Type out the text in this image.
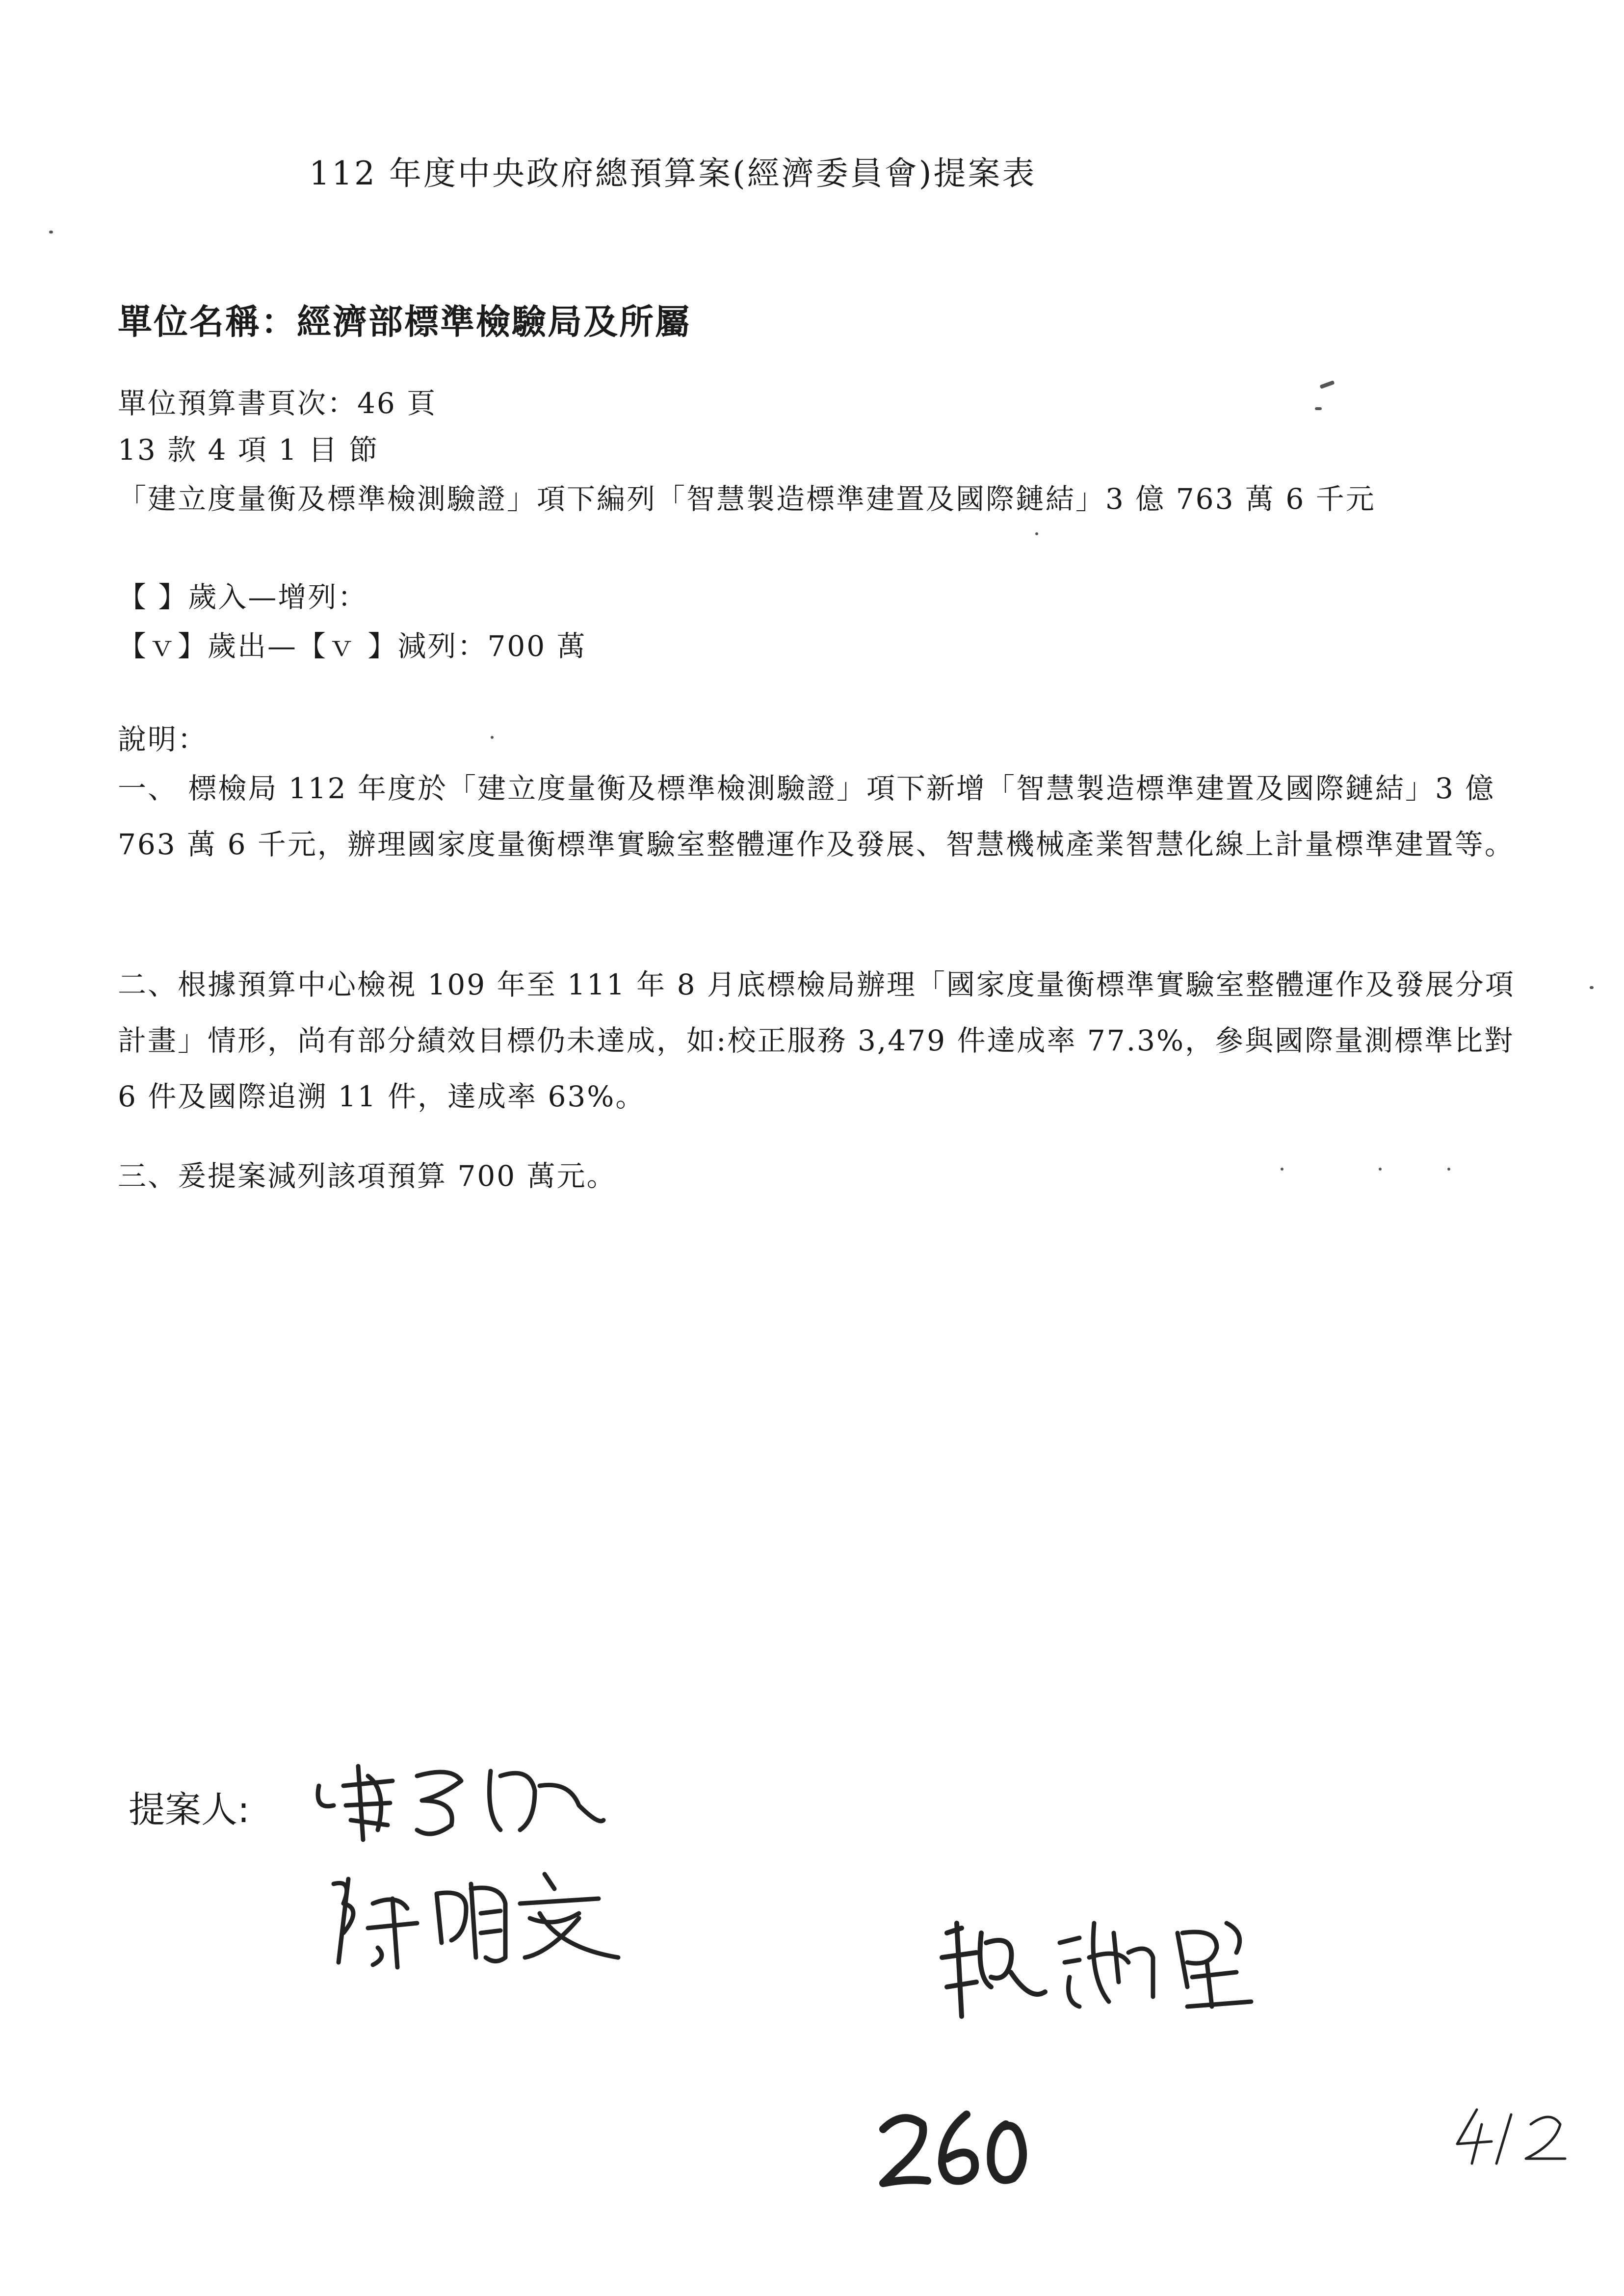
112 年度中央政府總預算案(經濟委員會)提案表
單位名稱：經濟部標準檢驗局及所屬
單位預算書頁次：46 頁
13 款 4 項 1 目 節
「建立度量衡及標準檢測驗證」項下編列「智慧製造標準建置及國際鏈結」3 億 763 萬 6 千元
【 】歲入—增列：
【ｖ】歲出—【ｖ 】減列：700 萬
說明：
一、 標檢局 112 年度於「建立度量衡及標準檢測驗證」項下新增「智慧製造標準建置及國際鏈結」3 億 763 萬 6 千元，辦理國家度量衡標準實驗室整體運作及發展、智慧機械產業智慧化線上計量標準建置等。
二、根據預算中心檢視 109 年至 111 年 8 月底標檢局辦理「國家度量衡標準實驗室整體運作及發展分項計畫」情形，尚有部分績效目標仍未達成，如:校正服務 3,479 件達成率 77.3%，參與國際量測標準比對 6 件及國際追溯 11 件，達成率 63%。
三、爰提案減列該項預算 700 萬元。
提案人:
